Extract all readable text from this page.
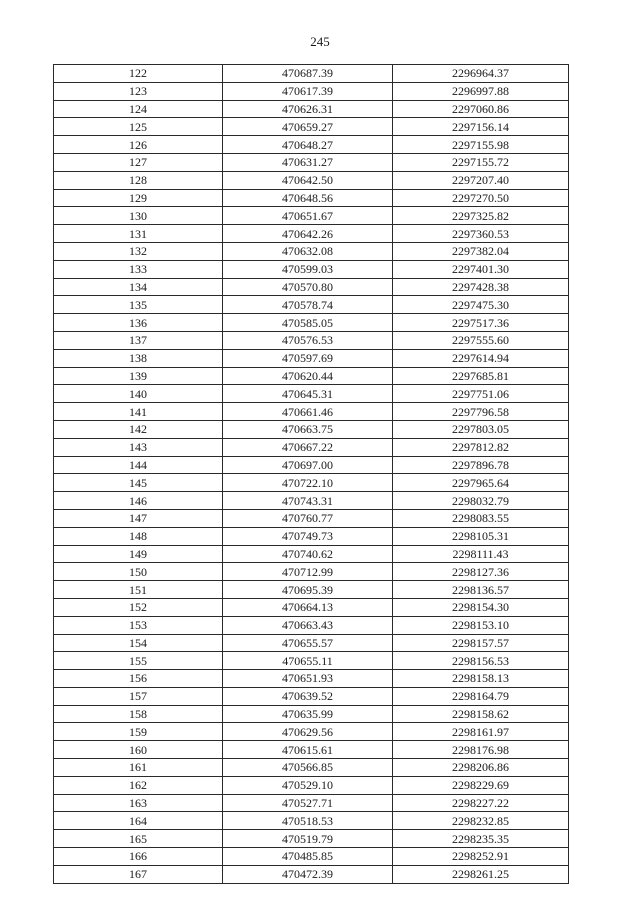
245
122	470687.39	2296964.37
123	470617.39	2296997.88
124	470626.31	2297060.86
125	470659.27	2297156.14
126	470648.27	2297155.98
127	470631.27	2297155.72
128	470642.50	2297207.40
129	470648.56	2297270.50
130	470651.67	2297325.82
131	470642.26	2297360.53
132	470632.08	2297382.04
133	470599.03	2297401.30
134	470570.80	2297428.38
135	470578.74	2297475.30
136	470585.05	2297517.36
137	470576.53	2297555.60
138	470597.69	2297614.94
139	470620.44	2297685.81
140	470645.31	2297751.06
141	470661.46	2297796.58
142	470663.75	2297803.05
143	470667.22	2297812.82
144	470697.00	2297896.78
145	470722.10	2297965.64
146	470743.31	2298032.79
147	470760.77	2298083.55
148	470749.73	2298105.31
149	470740.62	2298111.43
150	470712.99	2298127.36
151	470695.39	2298136.57
152	470664.13	2298154.30
153	470663.43	2298153.10
154	470655.57	2298157.57
155	470655.11	2298156.53
156	470651.93	2298158.13
157	470639.52	2298164.79
158	470635.99	2298158.62
159	470629.56	2298161.97
160	470615.61	2298176.98
161	470566.85	2298206.86
162	470529.10	2298229.69
163	470527.71	2298227.22
164	470518.53	2298232.85
165	470519.79	2298235.35
166	470485.85	2298252.91
167	470472.39	2298261.25
